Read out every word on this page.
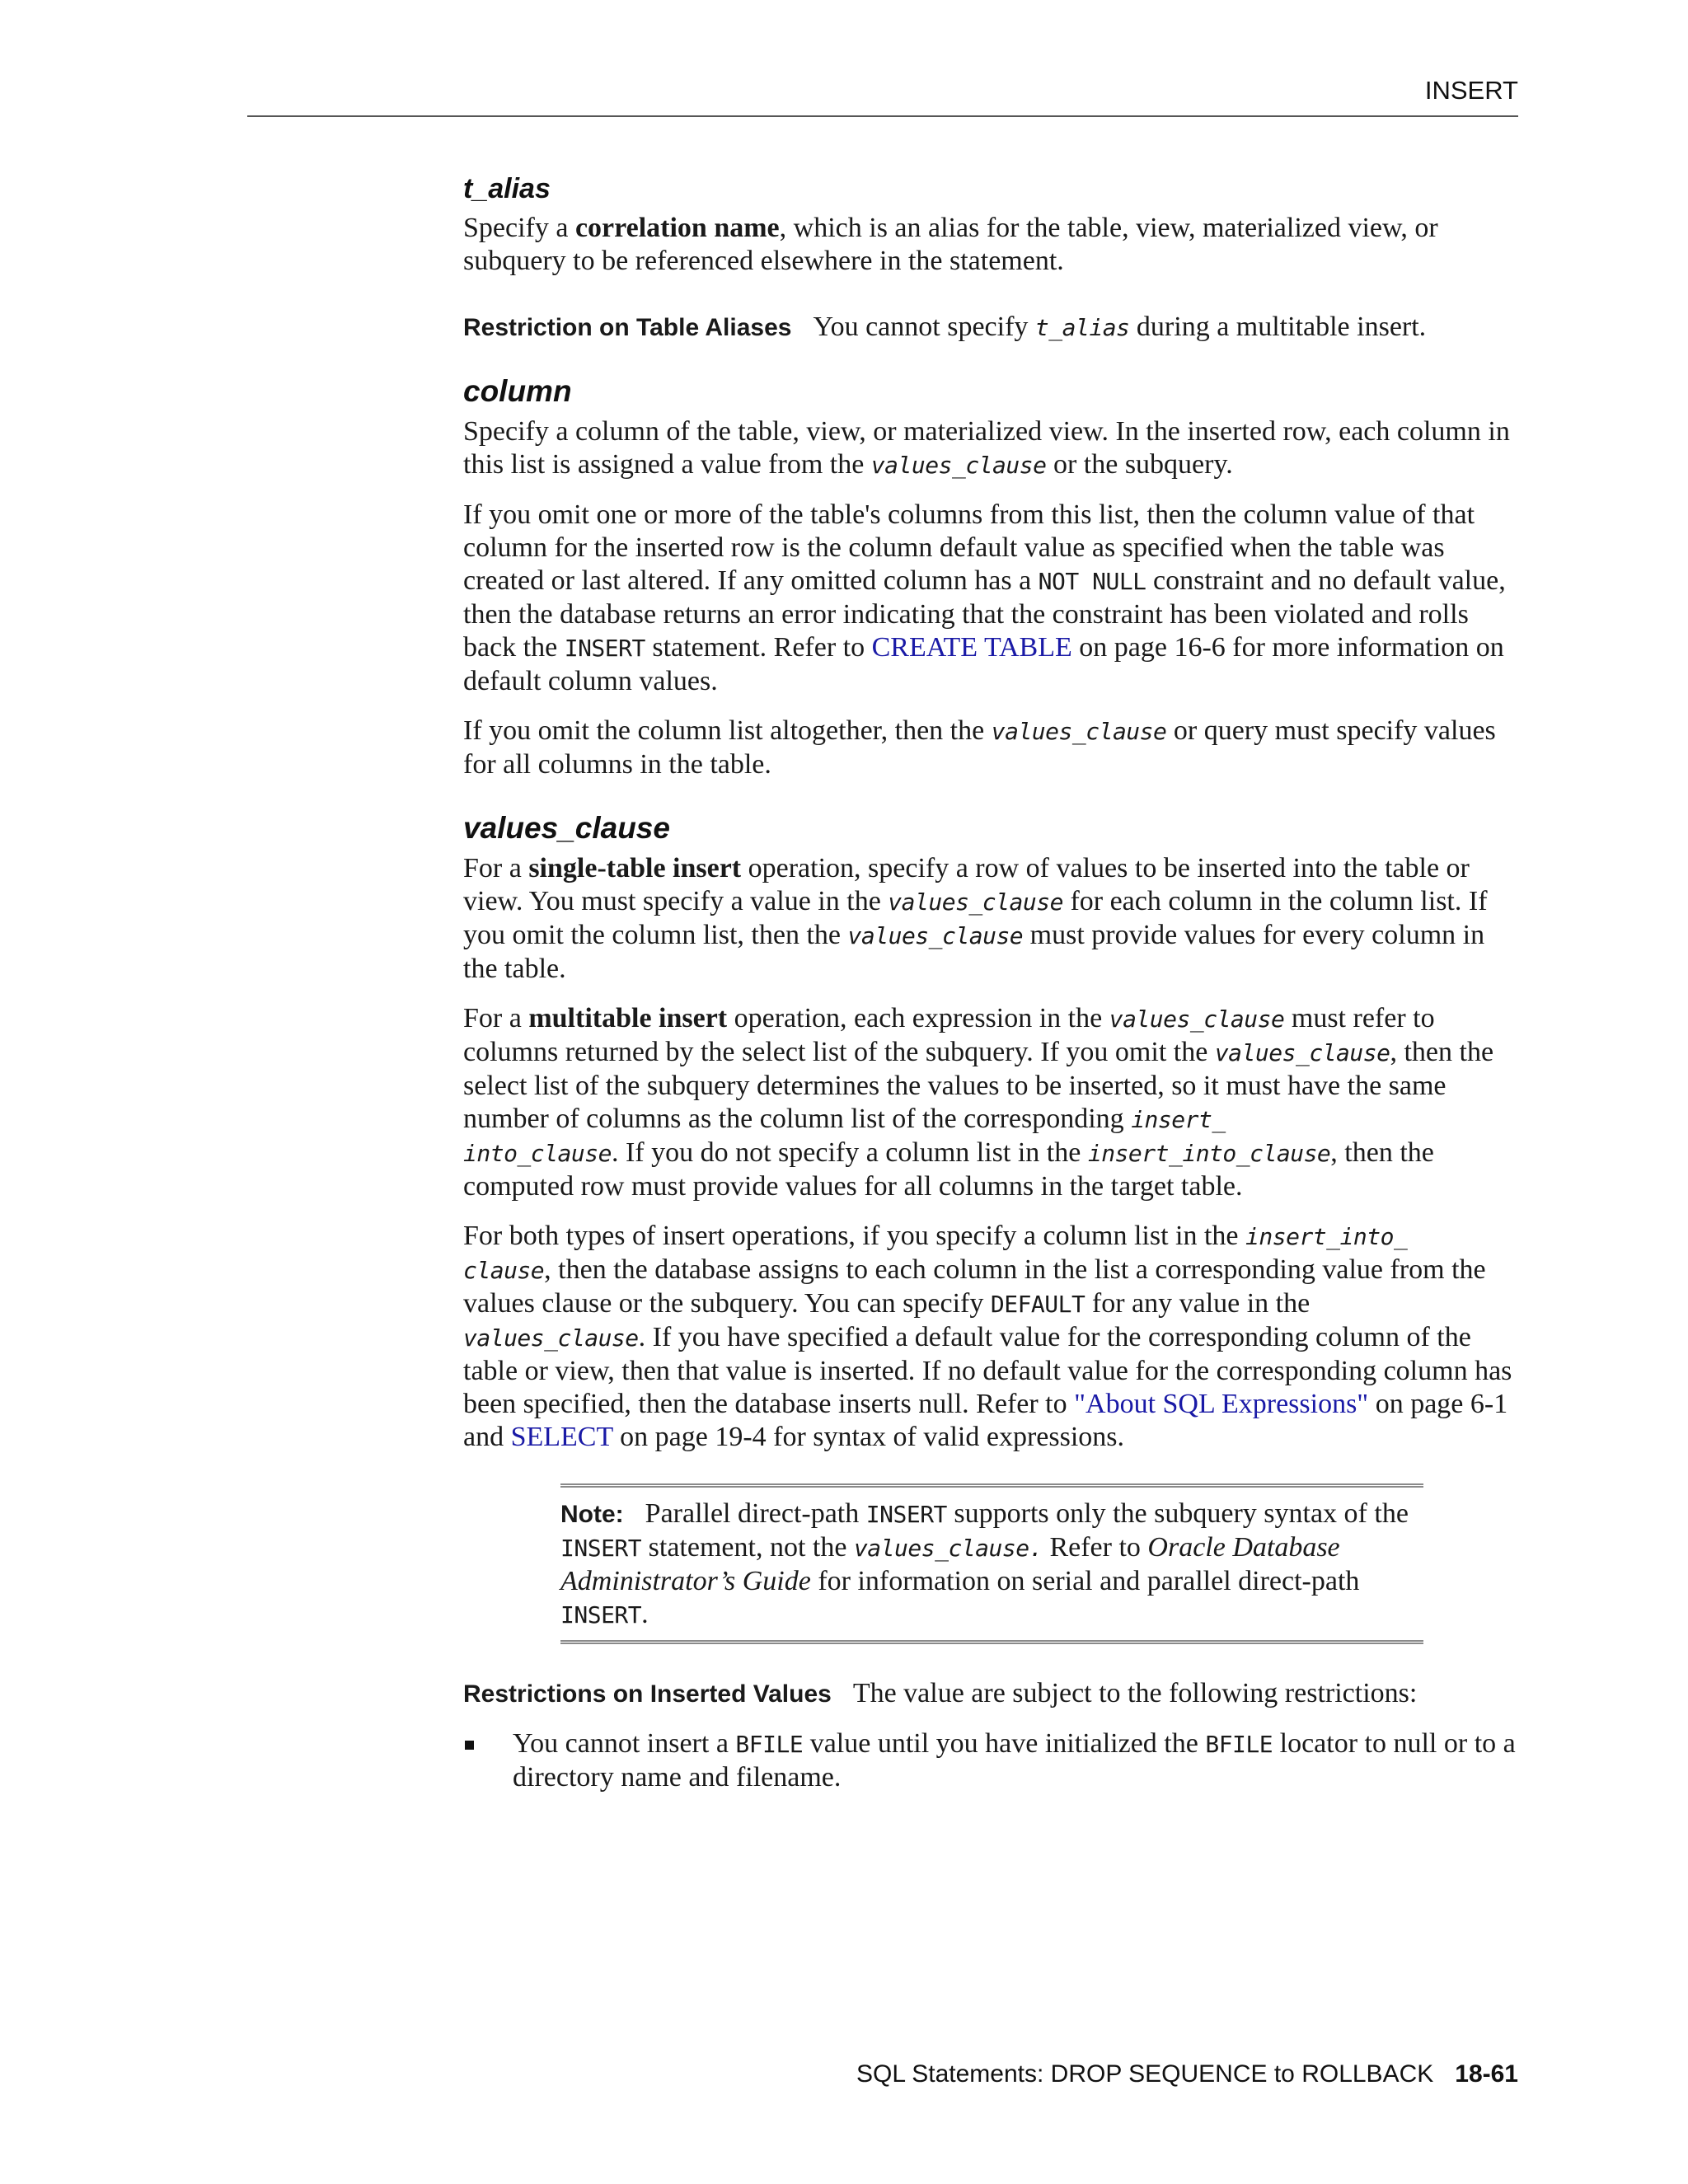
INSERT
t_alias

Specify a correlation name, which is an alias for the table, view, materialized view, or subquery to be referenced elsewhere in the statement.

Restriction on Table Aliases You cannot specify t_alias during a multitable insert.

column

Specify a column of the table, view, or materialized view. In the inserted row, each column in this list is assigned a value from the values_clause or the subquery.

If you omit one or more of the table's columns from this list, then the column value of that column for the inserted row is the column default value as specified when the table was created or last altered. If any omitted column has a NOT NULL constraint and no default value, then the database returns an error indicating that the constraint has been violated and rolls back the INSERT statement. Refer to CREATE TABLE on page 16-6 for more information on default column values.

If you omit the column list altogether, then the values_clause or query must specify values for all columns in the table.

values_clause

For a single-table insert operation, specify a row of values to be inserted into the table or view. You must specify a value in the values_clause for each column in the column list. If you omit the column list, then the values_clause must provide values for every column in the table.

For a multitable insert operation, each expression in the values_clause must refer to columns returned by the select list of the subquery. If you omit the values_clause, then the select list of the subquery determines the values to be inserted, so it must have the same number of columns as the column list of the corresponding insert_
into_clause. If you do not specify a column list in the insert_into_clause, then the computed row must provide values for all columns in the target table.

For both types of insert operations, if you specify a column list in the insert_into_
clause, then the database assigns to each column in the list a corresponding value from the values clause or the subquery. You can specify DEFAULT for any value in the
values_clause. If you have specified a default value for the corresponding column of the table or view, then that value is inserted. If no default value for the corresponding column has been specified, then the database inserts null. Refer to "About SQL Expressions" on page 6-1 and SELECT on page 19-4 for syntax of valid expressions.

Note: Parallel direct-path INSERT supports only the subquery syntax of the INSERT statement, not the values_clause. Refer to Oracle Database Administrator’s Guide for information on serial and parallel direct-path INSERT.

Restrictions on Inserted Values The value are subject to the following restrictions:

You cannot insert a BFILE value until you have initialized the BFILE locator to null or to a directory name and filename.
SQL Statements: DROP SEQUENCE to ROLLBACK 18-61
